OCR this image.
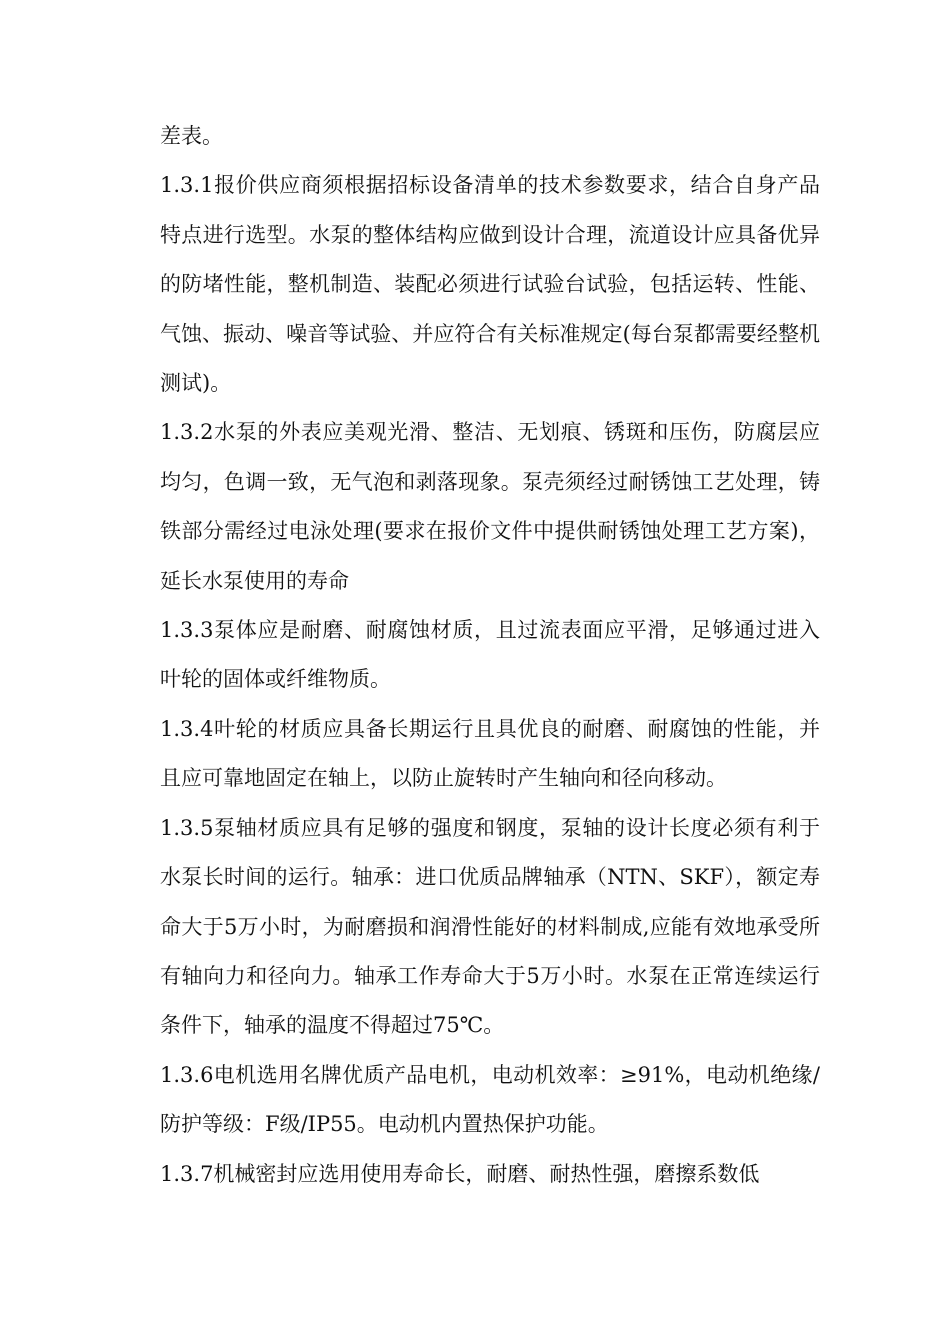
差表。

1.3.1报价供应商须根据招标设备清单的技术参数要求，结合自身产品特点进行选型。水泵的整体结构应做到设计合理，流道设计应具备优异的防堵性能，整机制造、装配必须进行试验台试验，包括运转、性能、气蚀、振动、噪音等试验、并应符合有关标准规定(每台泵都需要经整机测试)。

1.3.2水泵的外表应美观光滑、整洁、无划痕、锈斑和压伤，防腐层应均匀，色调一致，无气泡和剥落现象。泵壳须经过耐锈蚀工艺处理，铸铁部分需经过电泳处理(要求在报价文件中提供耐锈蚀处理工艺方案)，延长水泵使用的寿命

1.3.3泵体应是耐磨、耐腐蚀材质，且过流表面应平滑，足够通过进入叶轮的固体或纤维物质。

1.3.4叶轮的材质应具备长期运行且具优良的耐磨、耐腐蚀的性能，并且应可靠地固定在轴上，以防止旋转时产生轴向和径向移动。

1.3.5泵轴材质应具有足够的强度和钢度，泵轴的设计长度必须有利于水泵长时间的运行。轴承：进口优质品牌轴承（NTN、SKF），额定寿命大于5万小时，为耐磨损和润滑性能好的材料制成,应能有效地承受所有轴向力和径向力。轴承工作寿命大于5万小时。水泵在正常连续运行条件下，轴承的温度不得超过75℃。

1.3.6电机选用名牌优质产品电机，电动机效率：≥91%，电动机绝缘/防护等级：F级/IP55。电动机内置热保护功能。

1.3.7机械密封应选用使用寿命长，耐磨、耐热性强，磨擦系数低
